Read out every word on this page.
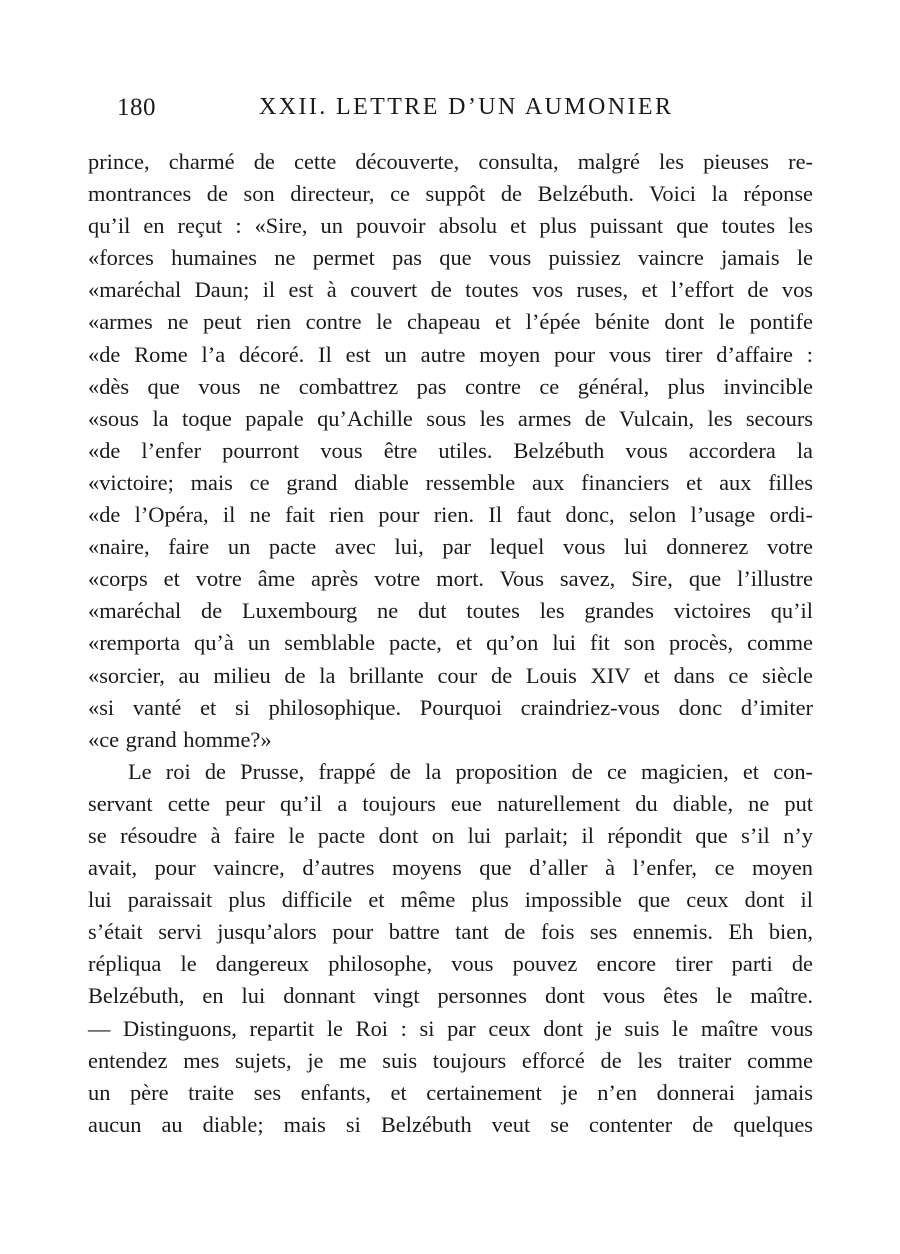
180	XXII. LETTRE D’UN AUMONIER
prince, charmé de cette découverte, consulta, malgré les pieuses re-
montrances de son directeur, ce suppôt de Belzébuth. Voici la réponse
qu’il en reçut : «Sire, un pouvoir absolu et plus puissant que toutes les
«forces humaines ne permet pas que vous puissiez vaincre jamais le
«maréchal Daun; il est à couvert de toutes vos ruses, et l’effort de vos
«armes ne peut rien contre le chapeau et l’épée bénite dont le pontife
«de Rome l’a décoré. Il est un autre moyen pour vous tirer d’affaire :
«dès que vous ne combattrez pas contre ce général, plus invincible
«sous la toque papale qu’Achille sous les armes de Vulcain, les secours
«de l’enfer pourront vous être utiles. Belzébuth vous accordera la
«victoire; mais ce grand diable ressemble aux financiers et aux filles
«de l’Opéra, il ne fait rien pour rien. Il faut donc, selon l’usage ordi-
«naire, faire un pacte avec lui, par lequel vous lui donnerez votre
«corps et votre âme après votre mort. Vous savez, Sire, que l’illustre
«maréchal de Luxembourg ne dut toutes les grandes victoires qu’il
«remporta qu’à un semblable pacte, et qu’on lui fit son procès, comme
«sorcier, au milieu de la brillante cour de Louis XIV et dans ce siècle
«si vanté et si philosophique. Pourquoi craindriez-vous donc d’imiter
«ce grand homme?»
Le roi de Prusse, frappé de la proposition de ce magicien, et con-
servant cette peur qu’il a toujours eue naturellement du diable, ne put
se résoudre à faire le pacte dont on lui parlait; il répondit que s’il n’y
avait, pour vaincre, d’autres moyens que d’aller à l’enfer, ce moyen
lui paraissait plus difficile et même plus impossible que ceux dont il
s’était servi jusqu’alors pour battre tant de fois ses ennemis. Eh bien,
répliqua le dangereux philosophe, vous pouvez encore tirer parti de
Belzébuth, en lui donnant vingt personnes dont vous êtes le maître.
— Distinguons, repartit le Roi : si par ceux dont je suis le maître vous
entendez mes sujets, je me suis toujours efforcé de les traiter comme
un père traite ses enfants, et certainement je n’en donnerai jamais
aucun au diable; mais si Belzébuth veut se contenter de quelques
